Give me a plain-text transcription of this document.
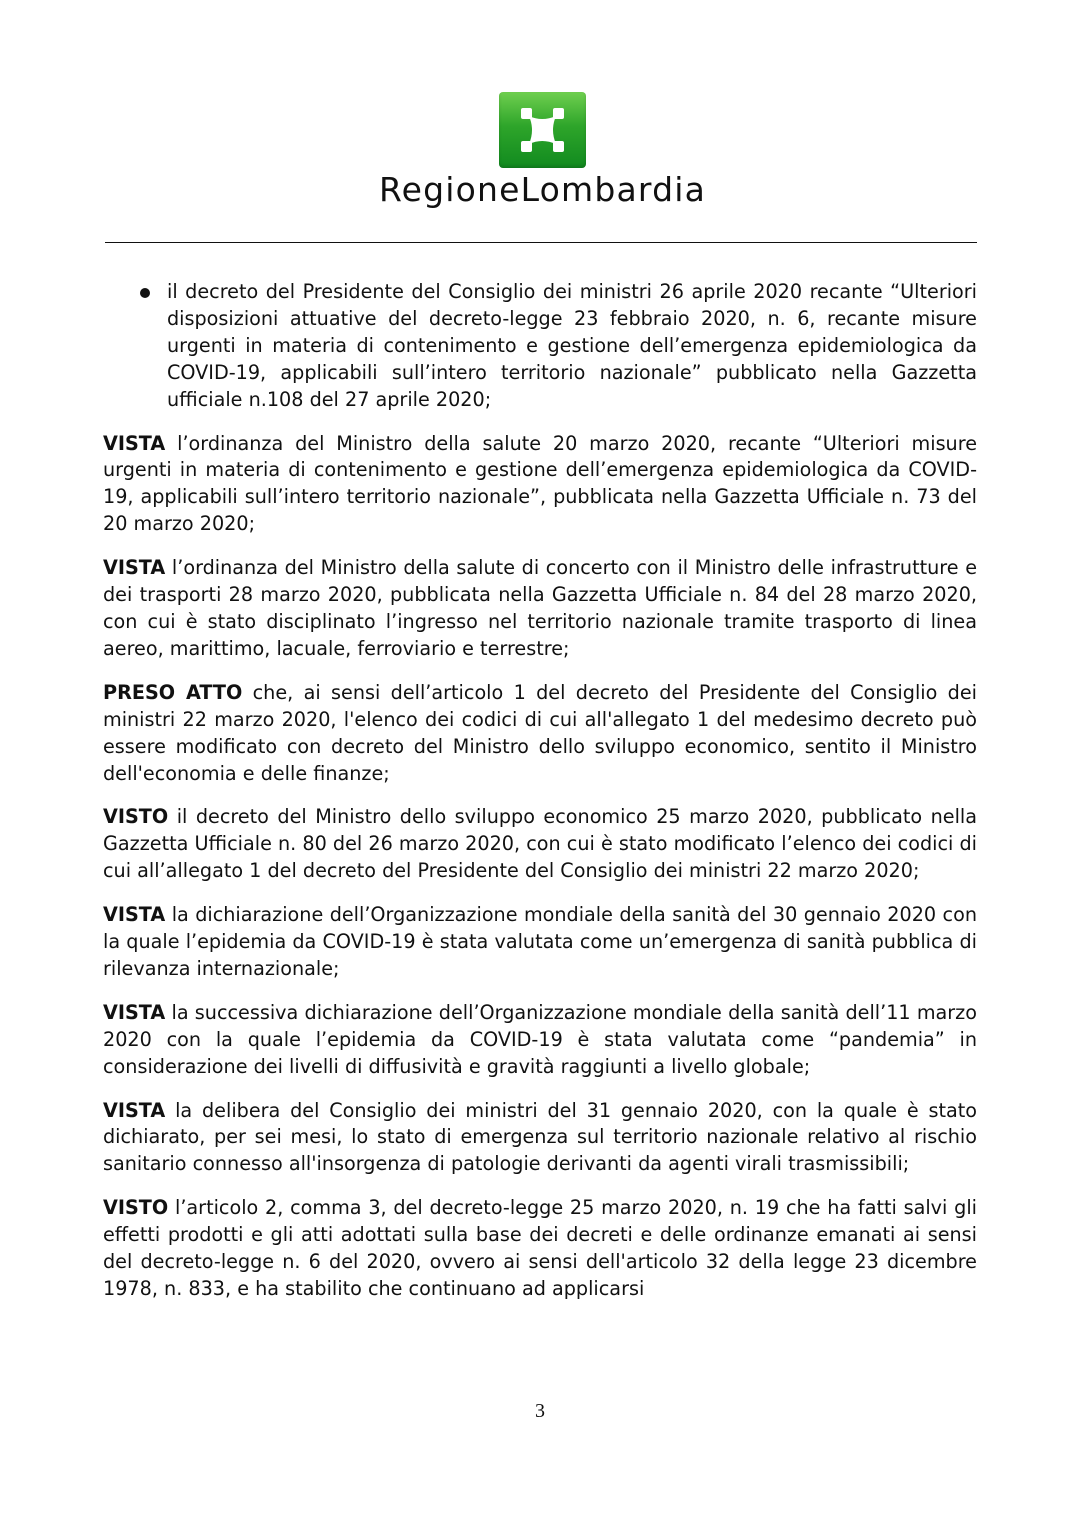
RegioneLombardia
il decreto del Presidente del Consiglio dei ministri 26 aprile 2020 recante “Ulteriori disposizioni attuative del decreto-legge 23 febbraio 2020, n. 6, recante misure urgenti in materia di contenimento e gestione dell’emergenza epidemiologica da COVID-19, applicabili sull’intero territorio nazionale” pubblicato nella Gazzetta ufficiale n.108 del 27 aprile 2020;

VISTA l’ordinanza del Ministro della salute 20 marzo 2020, recante “Ulteriori misure urgenti in materia di contenimento e gestione dell’emergenza epidemiologica da COVID-19, applicabili sull’intero territorio nazionale”, pubblicata nella Gazzetta Ufficiale n. 73 del 20 marzo 2020;

VISTA l’ordinanza del Ministro della salute di concerto con il Ministro delle infrastrutture e dei trasporti 28 marzo 2020, pubblicata nella Gazzetta Ufficiale n. 84 del 28 marzo 2020, con cui è stato disciplinato l’ingresso nel territorio nazionale tramite trasporto di linea aereo, marittimo, lacuale, ferroviario e terrestre;

PRESO ATTO che, ai sensi dell’articolo 1 del decreto del Presidente del Consiglio dei ministri 22 marzo 2020, l'elenco dei codici di cui all'allegato 1 del medesimo decreto può essere modificato con decreto del Ministro dello sviluppo economico, sentito il Ministro dell'economia e delle finanze;

VISTO il decreto del Ministro dello sviluppo economico 25 marzo 2020, pubblicato nella Gazzetta Ufficiale n. 80 del 26 marzo 2020, con cui è stato modificato l’elenco dei codici di cui all’allegato 1 del decreto del Presidente del Consiglio dei ministri 22 marzo 2020;

VISTA la dichiarazione dell’Organizzazione mondiale della sanità del 30 gennaio 2020 con la quale l’epidemia da COVID-19 è stata valutata come un’emergenza di sanità pubblica di rilevanza internazionale;

VISTA la successiva dichiarazione dell’Organizzazione mondiale della sanità dell’11 marzo 2020 con la quale l’epidemia da COVID-19 è stata valutata come “pandemia” in considerazione dei livelli di diffusività e gravità raggiunti a livello globale;

VISTA la delibera del Consiglio dei ministri del 31 gennaio 2020, con la quale è stato dichiarato, per sei mesi, lo stato di emergenza sul territorio nazionale relativo al rischio sanitario connesso all'insorgenza di patologie derivanti da agenti virali trasmissibili;

VISTO l’articolo 2, comma 3, del decreto-legge 25 marzo 2020, n. 19 che ha fatti salvi gli effetti prodotti e gli atti adottati sulla base dei decreti e delle ordinanze emanati ai sensi del decreto-legge n. 6 del 2020, ovvero ai sensi dell'articolo 32 della legge 23 dicembre 1978, n. 833, e ha stabilito che continuano ad applicarsi

3
